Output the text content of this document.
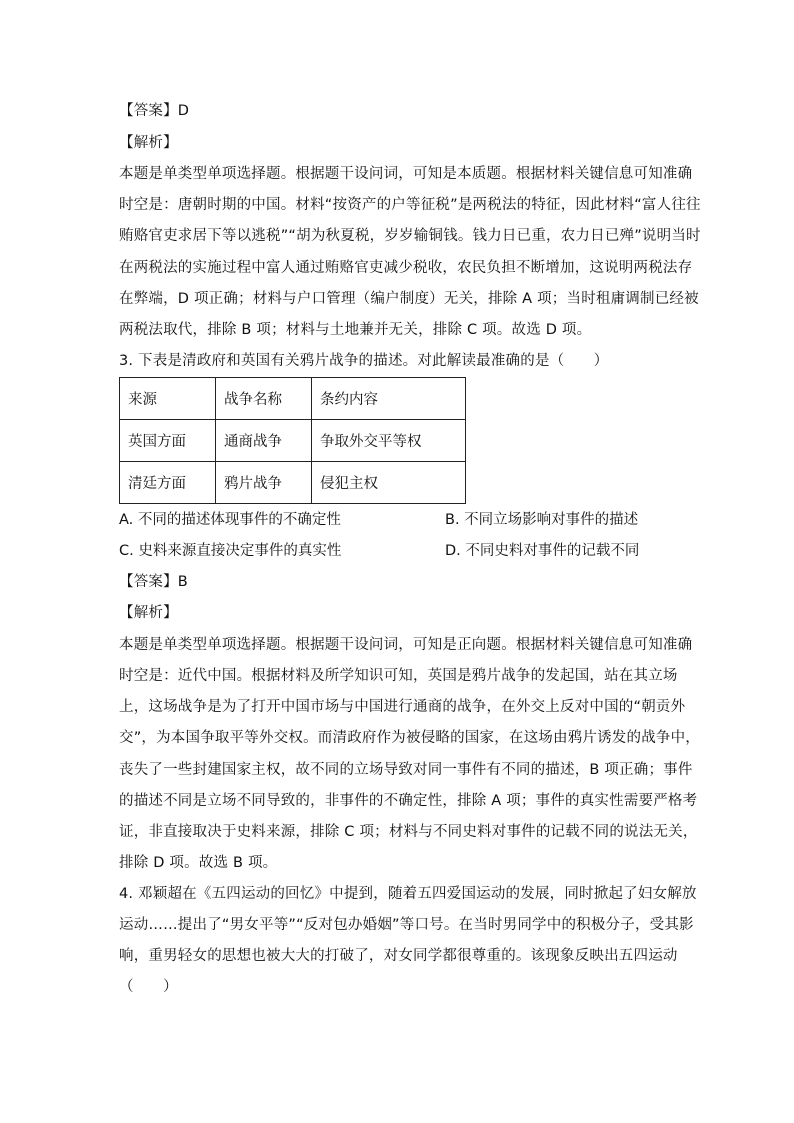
【答案】D
【解析】
本题是单类型单项选择题。根据题干设问词，可知是本质题。根据材料关键信息可知准确
时空是：唐朝时期的中国。材料“按资产的户等征税”是两税法的特征，因此材料“富人往往
贿赂官吏求居下等以逃税”“胡为秋夏税，岁岁输铜钱。钱力日已重，农力日已殚”说明当时
在两税法的实施过程中富人通过贿赂官吏减少税收，农民负担不断增加，这说明两税法存
在弊端，D 项正确；材料与户口管理（编户制度）无关，排除 A 项；当时租庸调制已经被
两税法取代，排除 B 项；材料与土地兼并无关，排除 C 项。故选 D 项。
3. 下表是清政府和英国有关鸦片战争的描述。对此解读最准确的是（　　）
来源	战争名称	条约内容
英国方面	通商战争	争取外交平等权
清廷方面	鸦片战争	侵犯主权
A. 不同的描述体现事件的不确定性	B. 不同立场影响对事件的描述
C. 史料来源直接决定事件的真实性	D. 不同史料对事件的记载不同
【答案】B
【解析】
本题是单类型单项选择题。根据题干设问词，可知是正向题。根据材料关键信息可知准确
时空是：近代中国。根据材料及所学知识可知，英国是鸦片战争的发起国，站在其立场
上，这场战争是为了打开中国市场与中国进行通商的战争，在外交上反对中国的“朝贡外
交”，为本国争取平等外交权。而清政府作为被侵略的国家，在这场由鸦片诱发的战争中，
丧失了一些封建国家主权，故不同的立场导致对同一事件有不同的描述，B 项正确；事件
的描述不同是立场不同导致的，非事件的不确定性，排除 A 项；事件的真实性需要严格考
证，非直接取决于史料来源，排除 C 项；材料与不同史料对事件的记载不同的说法无关，
排除 D 项。故选 B 项。
4. 邓颖超在《五四运动的回忆》中提到，随着五四爱国运动的发展，同时掀起了妇女解放
运动……提出了“男女平等”“反对包办婚姻”等口号。在当时男同学中的积极分子，受其影
响，重男轻女的思想也被大大的打破了，对女同学都很尊重的。该现象反映出五四运动
（　　）
